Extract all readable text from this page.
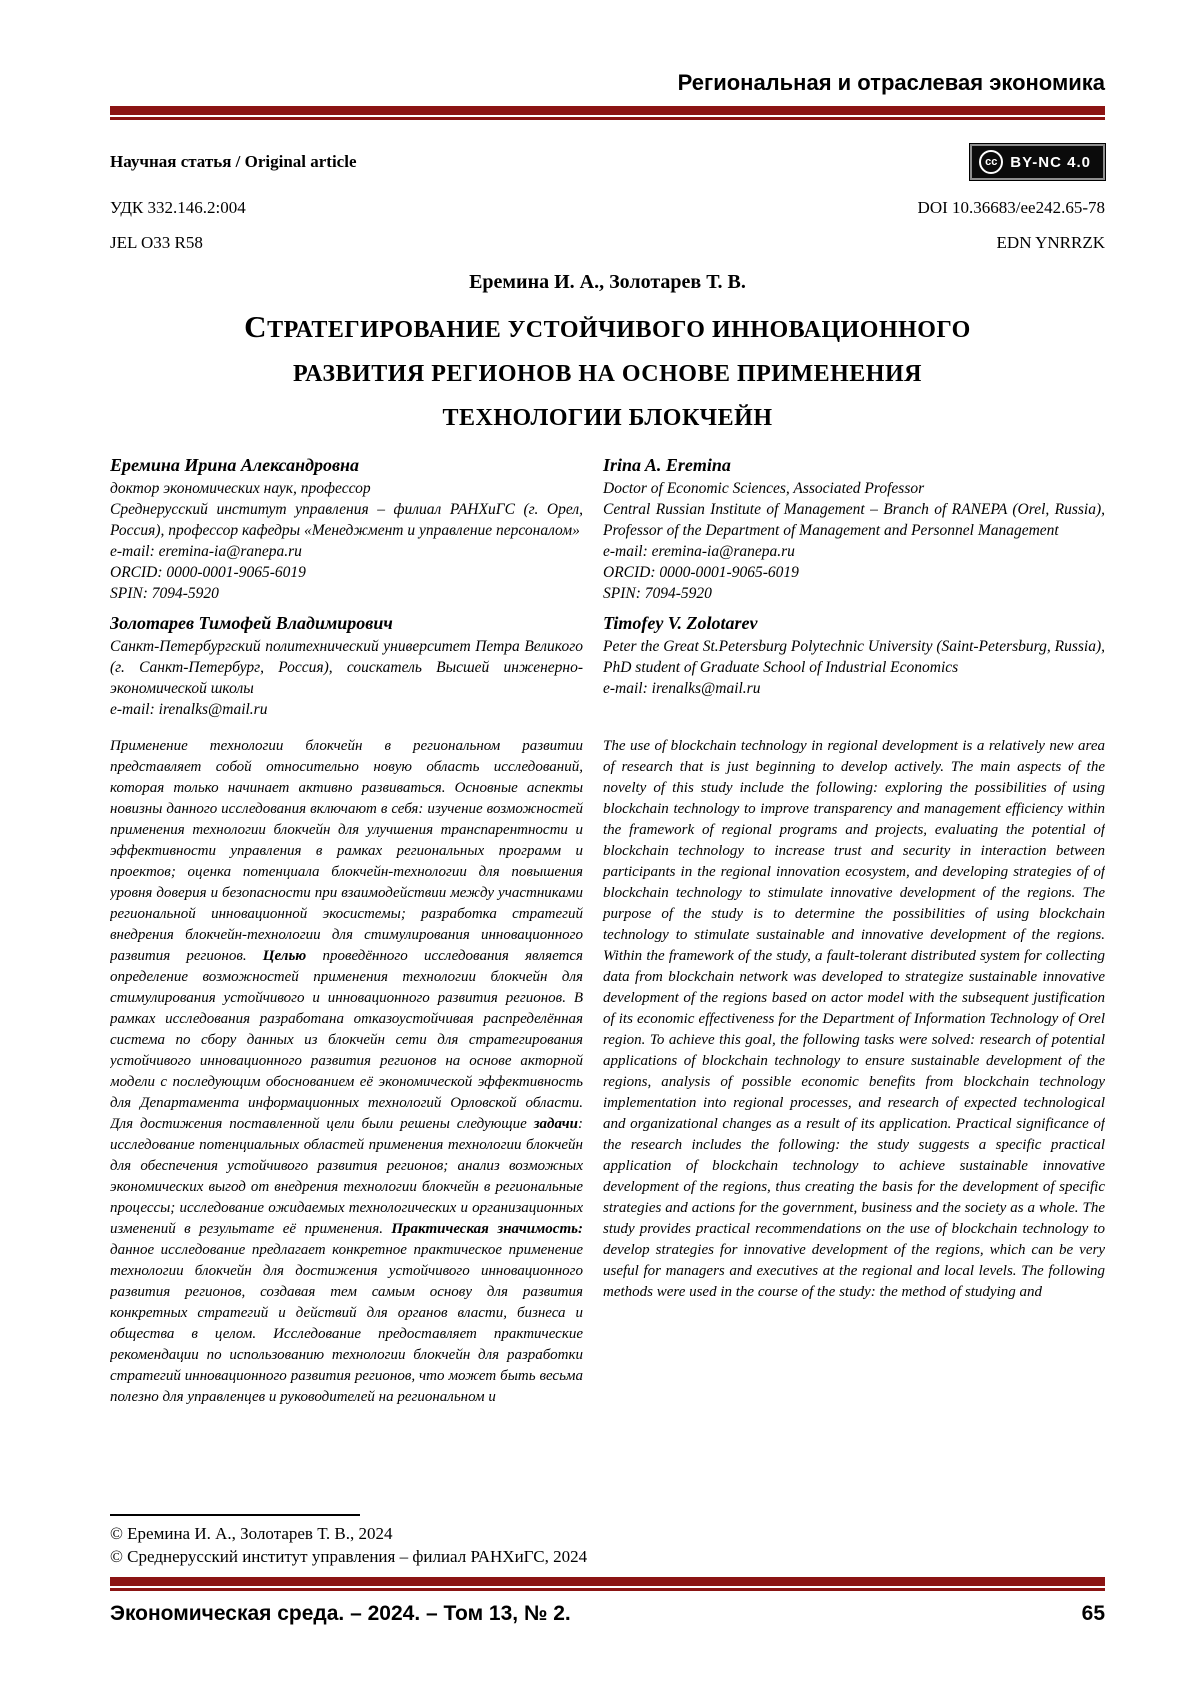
Региональная и отраслевая экономика
Научная статья / Original article	cc BY-NC 4.0
УДК 332.146.2:004	DOI 10.36683/ee242.65-78
JEL O33 R58	EDN YNRRZK
Еремина И. А., Золотарев Т. В.
СТРАТЕГИРОВАНИЕ УСТОЙЧИВОГО ИННОВАЦИОННОГО
РАЗВИТИЯ РЕГИОНОВ НА ОСНОВЕ ПРИМЕНЕНИЯ
ТЕХНОЛОГИИ БЛОКЧЕЙН
Еремина Ирина Александровна
доктор экономических наук, профессор
Среднерусский институт управления – филиал РАНХиГС (г. Орел, Россия), профессор кафедры «Менеджмент и управление персоналом»
e-mail: eremina-ia@ranepa.ru
ORCID: 0000-0001-9065-6019
SPIN: 7094-5920
Irina A. Eremina
Doctor of Economic Sciences, Associated Professor
Central Russian Institute of Management – Branch of RANEPA (Orel, Russia), Professor of the Department of Management and Personnel Management
e-mail: eremina-ia@ranepa.ru
ORCID: 0000-0001-9065-6019
SPIN: 7094-5920
Золотарев Тимофей Владимирович
Санкт-Петербургский политехнический университет Петра Великого (г. Санкт-Петербург, Россия), соискатель Высшей инженерно-экономической школы
e-mail: irenalks@mail.ru
Timofey V. Zolotarev
Peter the Great St.Petersburg Polytechnic University (Saint-Petersburg, Russia), PhD student of Graduate School of Industrial Economics
e-mail: irenalks@mail.ru
Применение технологии блокчейн в региональном развитии представляет собой относительно новую область исследований, которая только начинает активно развиваться. Основные аспекты новизны данного исследования включают в себя: изучение возможностей применения технологии блокчейн для улучшения транспарентности и эффективности управления в рамках региональных программ и проектов; оценка потенциала блокчейн-технологии для повышения уровня доверия и безопасности при взаимодействии между участниками региональной инновационной экосистемы; разработка стратегий внедрения блокчейн-технологии для стимулирования инновационного развития регионов. Целью проведённого исследования является определение возможностей применения технологии блокчейн для стимулирования устойчивого и инновационного развития регионов. В рамках исследования разработана отказоустойчивая распределённая система по сбору данных из блокчейн сети для стратегирования устойчивого инновационного развития регионов на основе акторной модели с последующим обоснованием её экономической эффективность для Департамента информационных технологий Орловской области. Для достижения поставленной цели были решены следующие задачи: исследование потенциальных областей применения технологии блокчейн для обеспечения устойчивого развития регионов; анализ возможных экономических выгод от внедрения технологии блокчейн в региональные процессы; исследование ожидаемых технологических и организационных изменений в результате её применения. Практическая значимость: данное исследование предлагает конкретное практическое применение технологии блокчейн для достижения устойчивого инновационного развития регионов, создавая тем самым основу для развития конкретных стратегий и действий для органов власти, бизнеса и общества в целом. Исследование предоставляет практические рекомендации по использованию технологии блокчейн для разработки стратегий инновационного развития регионов, что может быть весьма полезно для управленцев и руководителей на региональном и
The use of blockchain technology in regional development is a relatively new area of research that is just beginning to develop actively. The main aspects of the novelty of this study include the following: exploring the possibilities of using blockchain technology to improve transparency and management efficiency within the framework of regional programs and projects, evaluating the potential of blockchain technology to increase trust and security in interaction between participants in the regional innovation ecosystem, and developing strategies of of blockchain technology to stimulate innovative development of the regions. The purpose of the study is to determine the possibilities of using blockchain technology to stimulate sustainable and innovative development of the regions. Within the framework of the study, a fault-tolerant distributed system for collecting data from blockchain network was developed to strategize sustainable innovative development of the regions based on actor model with the subsequent justification of its economic effectiveness for the Department of Information Technology of Orel region. To achieve this goal, the following tasks were solved: research of potential applications of blockchain technology to ensure sustainable development of the regions, analysis of possible economic benefits from blockchain technology implementation into regional processes, and research of expected technological and organizational changes as a result of its application. Practical significance of the research includes the following: the study suggests a specific practical application of blockchain technology to achieve sustainable innovative development of the regions, thus creating the basis for the development of specific strategies and actions for the government, business and the society as a whole. The study provides practical recommendations on the use of blockchain technology to develop strategies for innovative development of the regions, which can be very useful for managers and executives at the regional and local levels. The following methods were used in the course of the study: the method of studying and
© Еремина И. А., Золотарев Т. В., 2024
© Среднерусский институт управления – филиал РАНХиГС, 2024
Экономическая среда. – 2024. – Том 13, № 2.	65
